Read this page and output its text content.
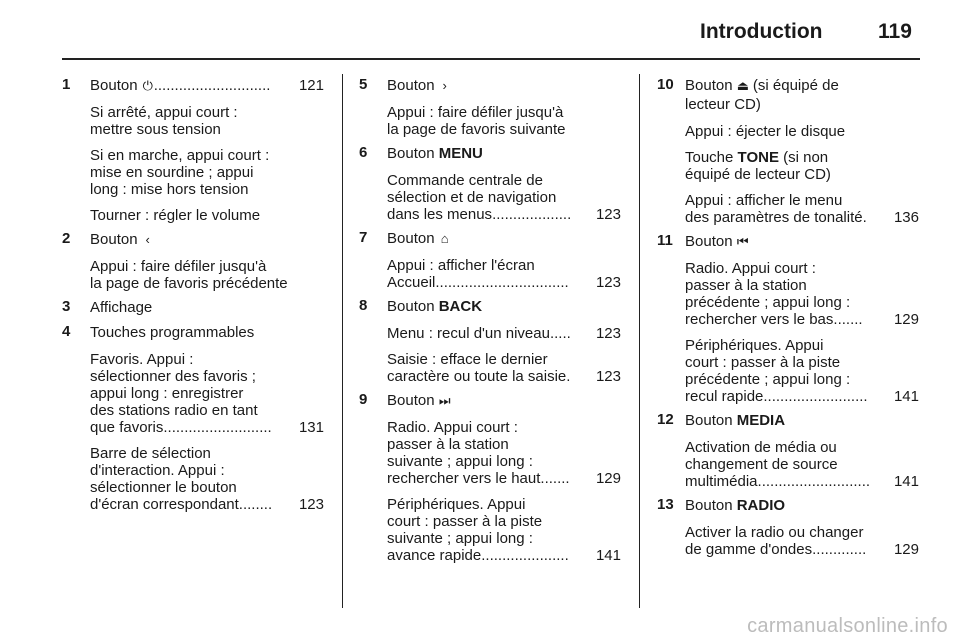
Introduction	119
1 Bouton ⏻ ............................	121
Si arrêté, appui court :
mettre sous tension
Si en marche, appui court :
mise en sourdine ; appui
long : mise hors tension
Tourner : régler le volume
2 Bouton ‹
Appui : faire défiler jusqu'à
la page de favoris précédente
3 Affichage
4 Touches programmables
Favoris. Appui :
sélectionner des favoris ;
appui long : enregistrer
des stations radio en tant
que favoris ..........................	131
Barre de sélection
d'interaction. Appui :
sélectionner le bouton
d'écran correspondant ........	123
5 Bouton ›
Appui : faire défiler jusqu'à
la page de favoris suivante
6 Bouton MENU
Commande centrale de
sélection et de navigation
dans les menus ...................	123
7 Bouton ⌂
Appui : afficher l'écran
Accueil ................................	123
8 Bouton BACK
Menu : recul d'un niveau .....	123
Saisie : efface le dernier
caractère ou toute la saisie .	123
9 Bouton ⏭
Radio. Appui court :
passer à la station
suivante ; appui long :
rechercher vers le haut .......	129
Périphériques. Appui
court : passer à la piste
suivante ; appui long :
avance rapide .....................	141
10 Bouton ⏏ (si équipé de
lecteur CD)
Appui : éjecter le disque
Touche TONE (si non
équipé de lecteur CD)
Appui : afficher le menu
des paramètres de tonalité .	136
11 Bouton ⏮
Radio. Appui court :
passer à la station
précédente ; appui long :
rechercher vers le bas .......	129
Périphériques. Appui
court : passer à la piste
précédente ; appui long :
recul rapide .........................	141
12 Bouton MEDIA
Activation de média ou
changement de source
multimédia ...........................	141
13 Bouton RADIO
Activer la radio ou changer
de gamme d'ondes .............	129
carmanualsonline.info
